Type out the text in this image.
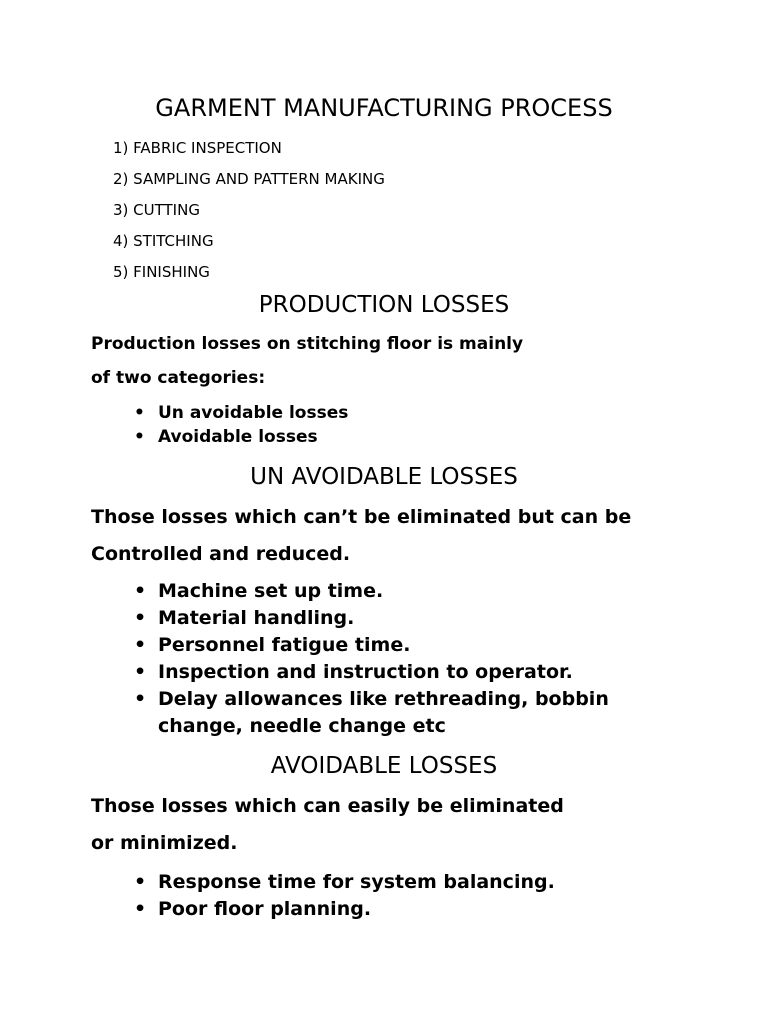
GARMENT MANUFACTURING PROCESS
1) FABRIC INSPECTION
2) SAMPLING AND PATTERN MAKING
3) CUTTING
4) STITCHING
5) FINISHING
PRODUCTION LOSSES

Production losses on stitching floor is mainly

of two categories:

• Un avoidable losses
• Avoidable losses
UN AVOIDABLE LOSSES

Those losses which can’t be eliminated but can be

Controlled and reduced.

• Machine set up time.
• Material handling.
• Personnel fatigue time.
• Inspection and instruction to operator.
• Delay allowances like rethreading, bobbin
change, needle change etc
AVOIDABLE LOSSES

Those losses which can easily be eliminated

or minimized.

• Response time for system balancing.
• Poor floor planning.
